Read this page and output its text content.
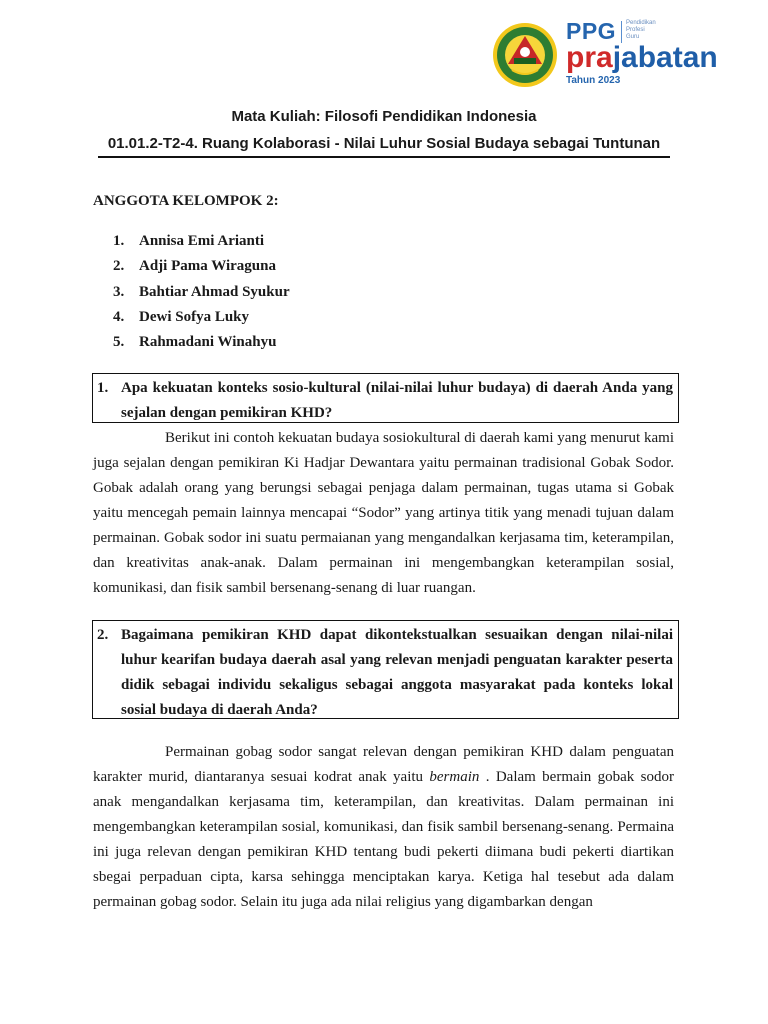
PPG Pendidikan
Profesi
Guru
prajabatan
Tahun 2023
Mata Kuliah: Filosofi Pendidikan Indonesia
01.01.2-T2-4. Ruang Kolaborasi - Nilai Luhur Sosial Budaya sebagai Tuntunan
ANGGOTA KELOMPOK 2:
1. Annisa Emi Arianti
2. Adji Pama Wiraguna
3. Bahtiar Ahmad Syukur
4. Dewi Sofya Luky
5. Rahmadani Winahyu
1. Apa kekuatan konteks sosio-kultural (nilai-nilai luhur budaya) di daerah Anda yang sejalan dengan pemikiran KHD?

Berikut ini contoh kekuatan budaya sosiokultural di daerah kami yang menurut kami juga sejalan dengan pemikiran Ki Hadjar Dewantara yaitu permainan tradisional Gobak Sodor. Gobak adalah orang yang berungsi sebagai penjaga dalam permainan, tugas utama si Gobak yaitu mencegah pemain lainnya mencapai “Sodor” yang artinya titik yang menadi tujuan dalam permainan. Gobak sodor ini suatu permaianan yang mengandalkan kerjasama tim, keterampilan, dan kreativitas anak-anak. Dalam permainan ini mengembangkan keterampilan sosial, komunikasi, dan fisik sambil bersenang-senang di luar ruangan.

2. Bagaimana pemikiran KHD dapat dikontekstualkan sesuaikan dengan nilai-nilai luhur kearifan budaya daerah asal yang relevan menjadi penguatan karakter peserta didik sebagai individu sekaligus sebagai anggota masyarakat pada konteks lokal sosial budaya di daerah Anda?

Permainan gobag sodor sangat relevan dengan pemikiran KHD dalam penguatan karakter murid, diantaranya sesuai kodrat anak yaitu bermain . Dalam bermain gobak sodor anak mengandalkan kerjasama tim, keterampilan, dan kreativitas. Dalam permainan ini mengembangkan keterampilan sosial, komunikasi, dan fisik sambil bersenang-senang. Permaina ini juga relevan dengan pemikiran KHD tentang budi pekerti diimana budi pekerti diartikan sbegai perpaduan cipta, karsa sehingga menciptakan karya. Ketiga hal tesebut ada dalam permainan gobag sodor. Selain itu juga ada nilai religius yang digambarkan dengan
